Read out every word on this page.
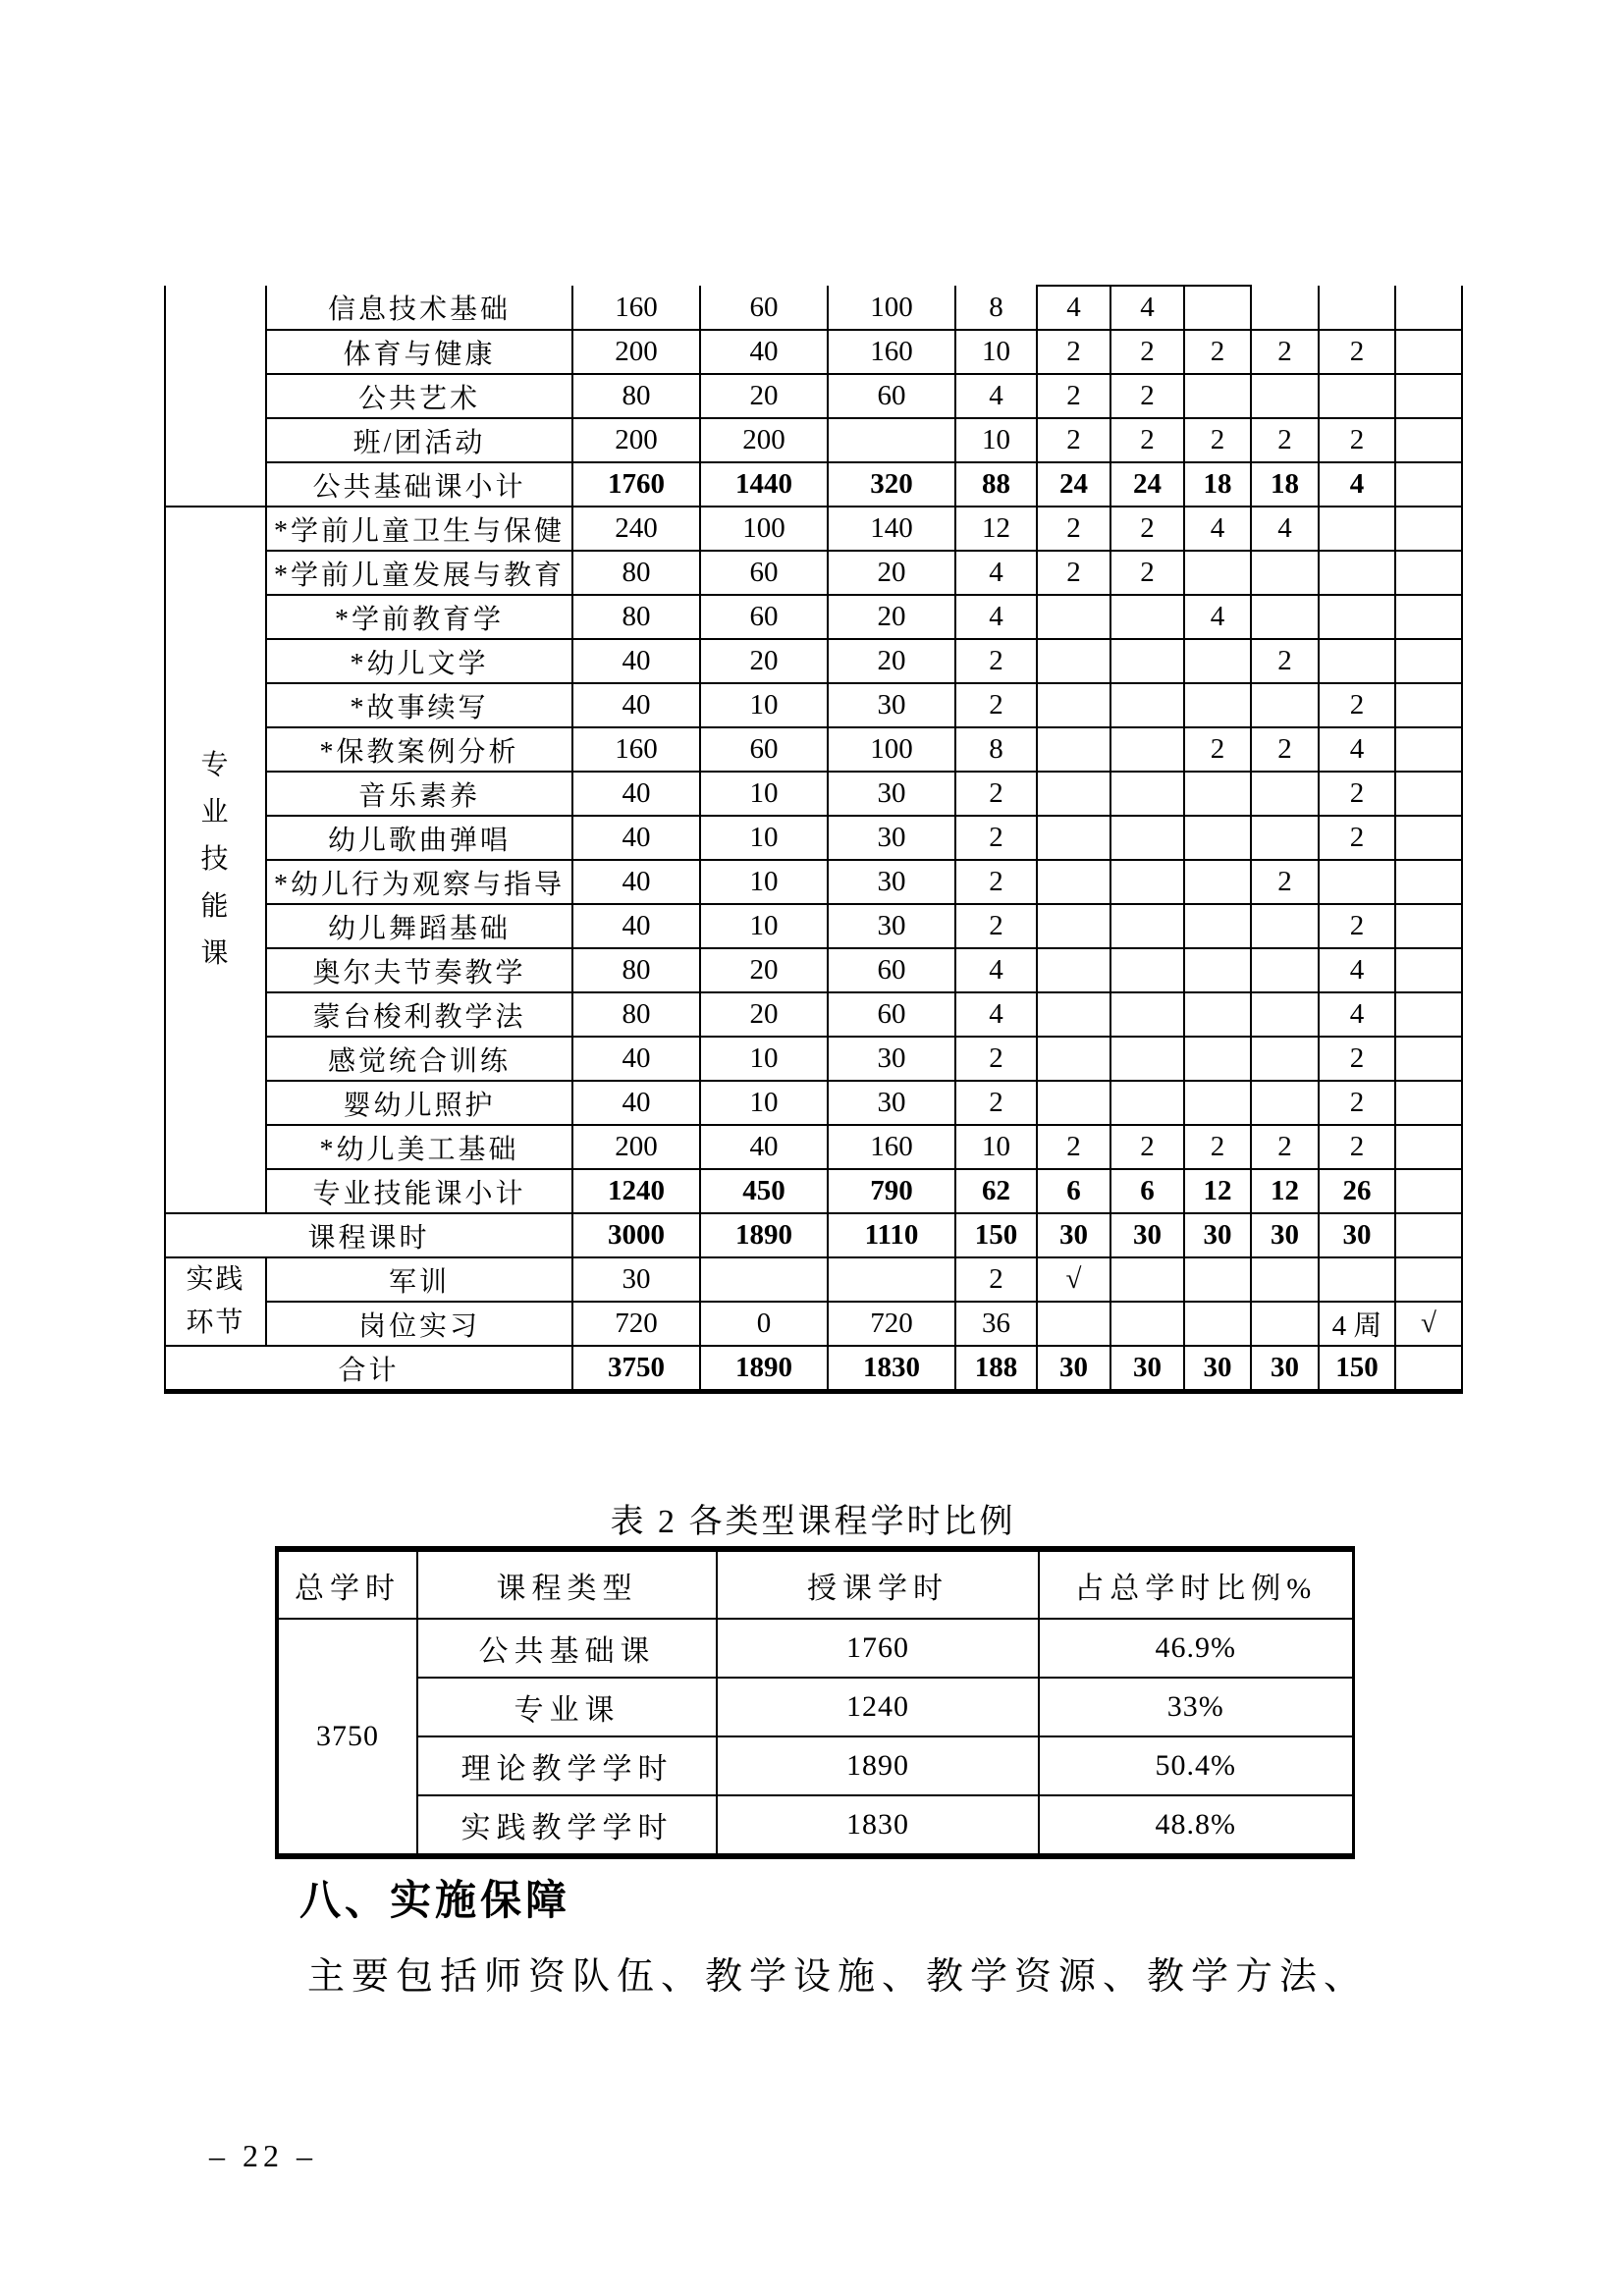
	信息技术基础	160	60	100	8	4	4				
	体育与健康	200	40	160	10	2	2	2	2	2	
	公共艺术	80	20	60	4	2	2				
	班/团活动	200	200		10	2	2	2	2	2	
	公共基础课小计	1760	1440	320	88	24	24	18	18	4	

专
业
技
能
课	*学前儿童卫生与保健	240	100	140	12	2	2	4	4		
	*学前儿童发展与教育	80	60	20	4	2	2				
	*学前教育学	80	60	20	4			4			
	*幼儿文学	40	20	20	2				2		
	*故事续写	40	10	30	2					2	
	*保教案例分析	160	60	100	8			2	2	4	
	音乐素养	40	10	30	2					2	
	幼儿歌曲弹唱	40	10	30	2					2	
	*幼儿行为观察与指导	40	10	30	2				2		
	幼儿舞蹈基础	40	10	30	2					2	
	奥尔夫节奏教学	80	20	60	4					4	
	蒙台梭利教学法	80	20	60	4					4	
	感觉统合训练	40	10	30	2					2	
	婴幼儿照护	40	10	30	2					2	
	*幼儿美工基础	200	40	160	10	2	2	2	2	2	
	专业技能课小计	1240	450	790	62	6	6	12	12	26	
课程课时		3000	1890	1110	150	30	30	30	30	30	

实践
环节	军训	30			2	√					
	岗位实习	720	0	720	36					4 周	√
合计		3750	1890	1830	188	30	30	30	30	150	
表 2 各类型课程学时比例
总学时	课程类型	授课学时	占总学时比例%
3750	公共基础课	1760	46.9%
	专业课	1240	33%
	理论教学学时	1890	50.4%
	实践教学学时	1830	48.8%
八、实施保障
主要包括师资队伍、教学设施、教学资源、教学方法、
– 22 –
